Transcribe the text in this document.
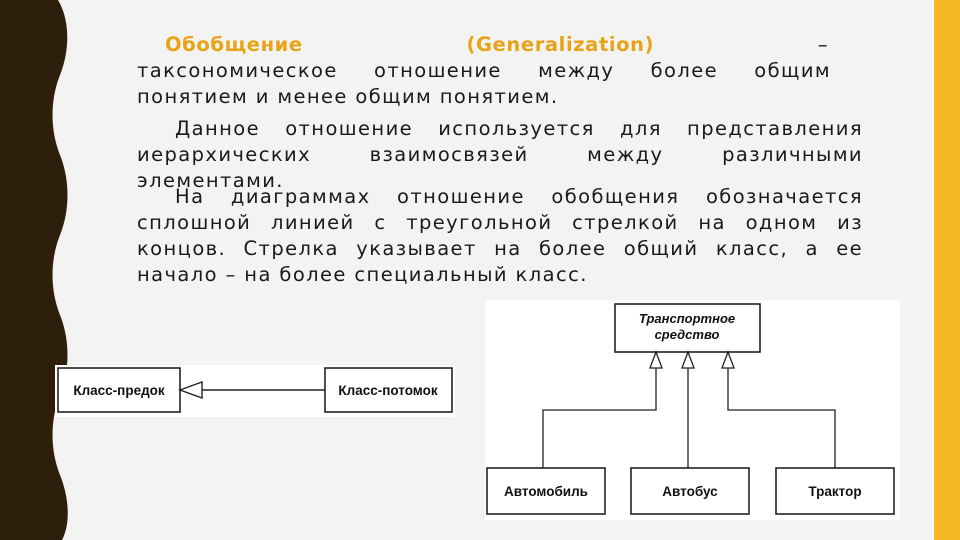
Обобщение	(Generalization)	–
таксономическое отношение между более общим понятием и менее общим понятием.

Данное отношение используется для представления иерархических взаимосвязей между различными элементами.

На диаграммах отношение обобщения обозначается сплошной линией с треугольной стрелкой на одном из концов. Стрелка указывает на более общий класс, а ее начало – на более специальный класс.

Класс-предок	Класс-потомок
Транспортное
средство
Автомобиль	Автобус	Трактор
